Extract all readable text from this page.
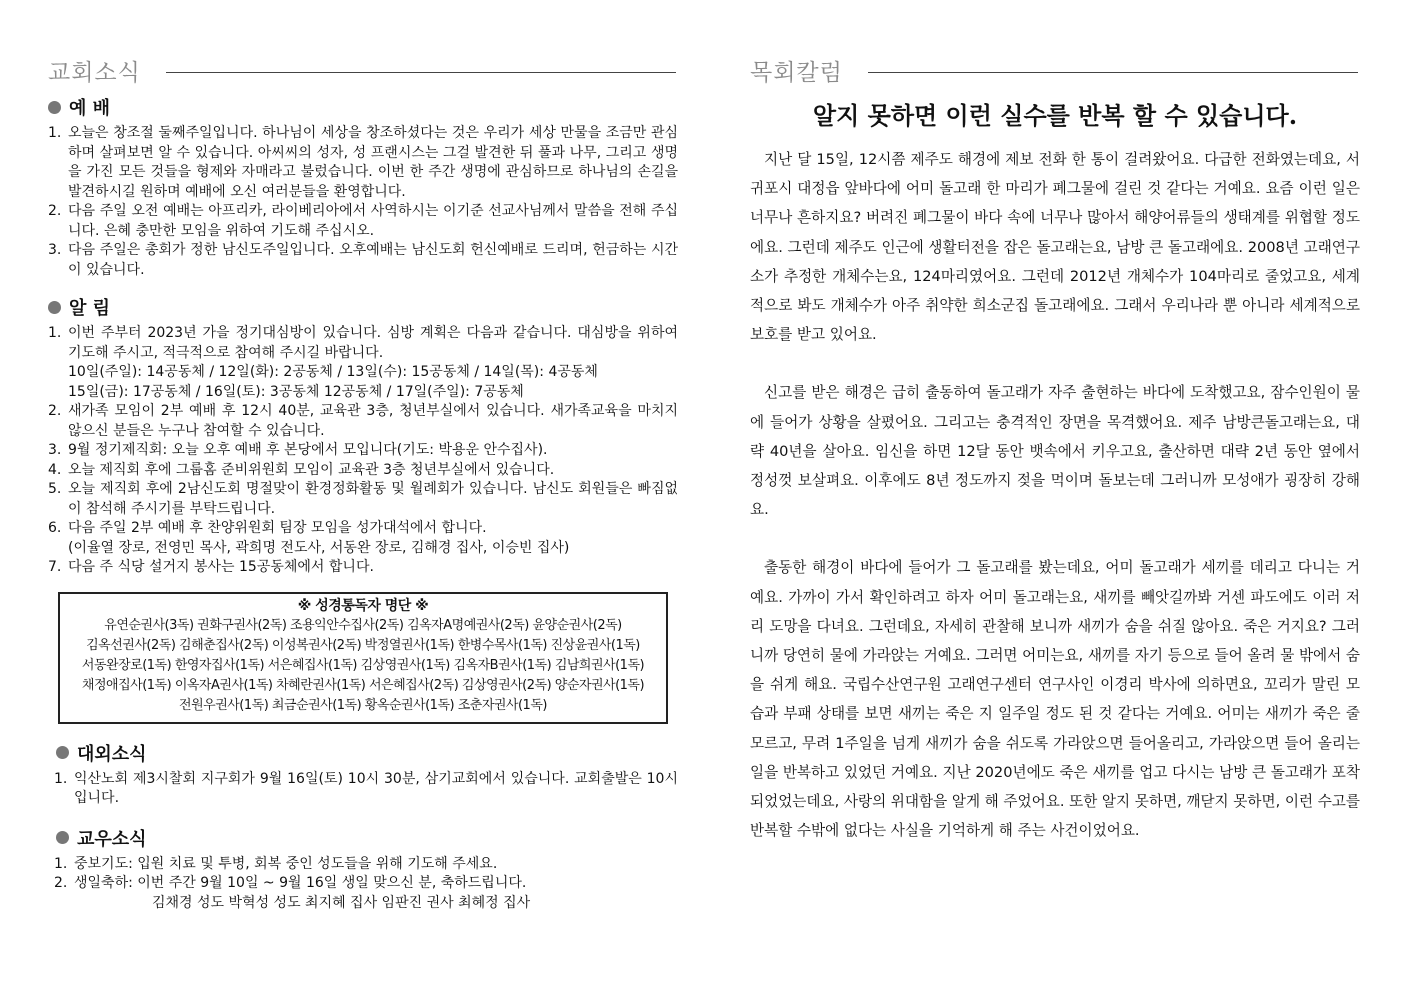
교회소식
예 배
1. 오늘은 창조절 둘째주일입니다. 하나님이 세상을 창조하셨다는 것은 우리가 세상 만물을 조금만 관심하며 살펴보면 알 수 있습니다. 아씨씨의 성자, 성 프랜시스는 그걸 발견한 뒤 풀과 나무, 그리고 생명을 가진 모든 것들을 형제와 자매라고 불렀습니다. 이번 한 주간 생명에 관심하므로 하나님의 손길을 발견하시길 원하며 예배에 오신 여러분들을 환영합니다.
2. 다음 주일 오전 예배는 아프리카, 라이베리아에서 사역하시는 이기준 선교사님께서 말씀을 전해 주십니다. 은혜 충만한 모임을 위하여 기도해 주십시오.
3. 다음 주일은 총회가 정한 남신도주일입니다. 오후예배는 남신도회 헌신예배로 드리며, 헌금하는 시간이 있습니다.
알 림
1. 이번 주부터 2023년 가을 정기대심방이 있습니다. 심방 계획은 다음과 같습니다. 대심방을 위하여 기도해 주시고, 적극적으로 참여해 주시길 바랍니다.
10일(주일): 14공동체 / 12일(화): 2공동체 / 13일(수): 15공동체 / 14일(목): 4공동체
15일(금): 17공동체 / 16일(토): 3공동체 12공동체 / 17일(주일): 7공동체
2. 새가족 모임이 2부 예배 후 12시 40분, 교육관 3층, 청년부실에서 있습니다. 새가족교육을 마치지 않으신 분들은 누구나 참여할 수 있습니다.
3. 9월 정기제직회: 오늘 오후 예배 후 본당에서 모입니다(기도: 박용운 안수집사).
4. 오늘 제직회 후에 그룹홈 준비위원회 모임이 교육관 3층 청년부실에서 있습니다.
5. 오늘 제직회 후에 2남신도회 명절맞이 환경정화활동 및 월례회가 있습니다. 남신도 회원들은 빠짐없이 참석해 주시기를 부탁드립니다.
6. 다음 주일 2부 예배 후 찬양위원회 팀장 모임을 성가대석에서 합니다.
(이율열 장로, 전영민 목사, 곽희명 전도사, 서동완 장로, 김해경 집사, 이승빈 집사)
7. 다음 주 식당 설거지 봉사는 15공동체에서 합니다.
※ 성경통독자 명단 ※
유연순권사(3독) 권화구권사(2독) 조용익안수집사(2독) 김옥자A명예권사(2독) 윤양순권사(2독)
김옥선권사(2독) 김해춘집사(2독) 이성복권사(2독) 박정열권사(1독) 한병수목사(1독) 진상윤권사(1독)
서동완장로(1독) 한영자집사(1독) 서은혜집사(1독) 김상영권사(1독) 김옥자B권사(1독) 김남희권사(1독)
채정애집사(1독) 이옥자A권사(1독) 차혜란권사(1독) 서은혜집사(2독) 김상영권사(2독) 양순자권사(1독)
전원우권사(1독) 최금순권사(1독) 황옥순권사(1독) 조춘자권사(1독)
대외소식
1. 익산노회 제3시찰회 지구회가 9월 16일(토) 10시 30분, 삼기교회에서 있습니다. 교회출발은 10시입니다.
교우소식
1. 중보기도: 입원 치료 및 투병, 회복 중인 성도들을 위해 기도해 주세요.
2. 생일축하: 이번 주간 9월 10일 ~ 9월 16일 생일 맞으신 분, 축하드립니다.
김채경 성도 박혁성 성도 최지혜 집사 임판진 권사 최혜정 집사
목회칼럼
알지 못하면 이런 실수를 반복 할 수 있습니다.

지난 달 15일, 12시쯤 제주도 해경에 제보 전화 한 통이 걸려왔어요. 다급한 전화였는데요, 서귀포시 대정읍 앞바다에 어미 돌고래 한 마리가 폐그물에 걸린 것 같다는 거예요. 요즘 이런 일은 너무나 흔하지요? 버려진 폐그물이 바다 속에 너무나 많아서 해양어류들의 생태계를 위협할 정도에요. 그런데 제주도 인근에 생활터전을 잡은 돌고래는요, 남방 큰 돌고래에요. 2008년 고래연구소가 추정한 개체수는요, 124마리였어요. 그런데 2012년 개체수가 104마리로 줄었고요, 세계적으로 봐도 개체수가 아주 취약한 희소군집 돌고래에요. 그래서 우리나라 뿐 아니라 세계적으로 보호를 받고 있어요.

신고를 받은 해경은 급히 출동하여 돌고래가 자주 출현하는 바다에 도착했고요, 잠수인원이 물에 들어가 상황을 살폈어요. 그리고는 충격적인 장면을 목격했어요. 제주 남방큰돌고래는요, 대략 40년을 살아요. 임신을 하면 12달 동안 뱃속에서 키우고요, 출산하면 대략 2년 동안 옆에서 정성껏 보살펴요. 이후에도 8년 정도까지 젖을 먹이며 돌보는데 그러니까 모성애가 굉장히 강해요.

출동한 해경이 바다에 들어가 그 돌고래를 봤는데요, 어미 돌고래가 세끼를 데리고 다니는 거예요. 가까이 가서 확인하려고 하자 어미 돌고래는요, 새끼를 빼앗길까봐 거센 파도에도 이러 저리 도망을 다녀요. 그런데요, 자세히 관찰해 보니까 새끼가 숨을 쉬질 않아요. 죽은 거지요? 그러니까 당연히 물에 가라앉는 거예요. 그러면 어미는요, 새끼를 자기 등으로 들어 올려 물 밖에서 숨을 쉬게 해요. 국립수산연구원 고래연구센터 연구사인 이경리 박사에 의하면요, 꼬리가 말린 모습과 부패 상태를 보면 새끼는 죽은 지 일주일 정도 된 것 같다는 거예요. 어미는 새끼가 죽은 줄 모르고, 무려 1주일을 넘게 새끼가 숨을 쉬도록 가라앉으면 들어올리고, 가라앉으면 들어 올리는 일을 반복하고 있었던 거예요. 지난 2020년에도 죽은 새끼를 업고 다시는 남방 큰 돌고래가 포착되었었는데요, 사랑의 위대함을 알게 해 주었어요. 또한 알지 못하면, 깨닫지 못하면, 이런 수고를 반복할 수밖에 없다는 사실을 기억하게 해 주는 사건이었어요.
